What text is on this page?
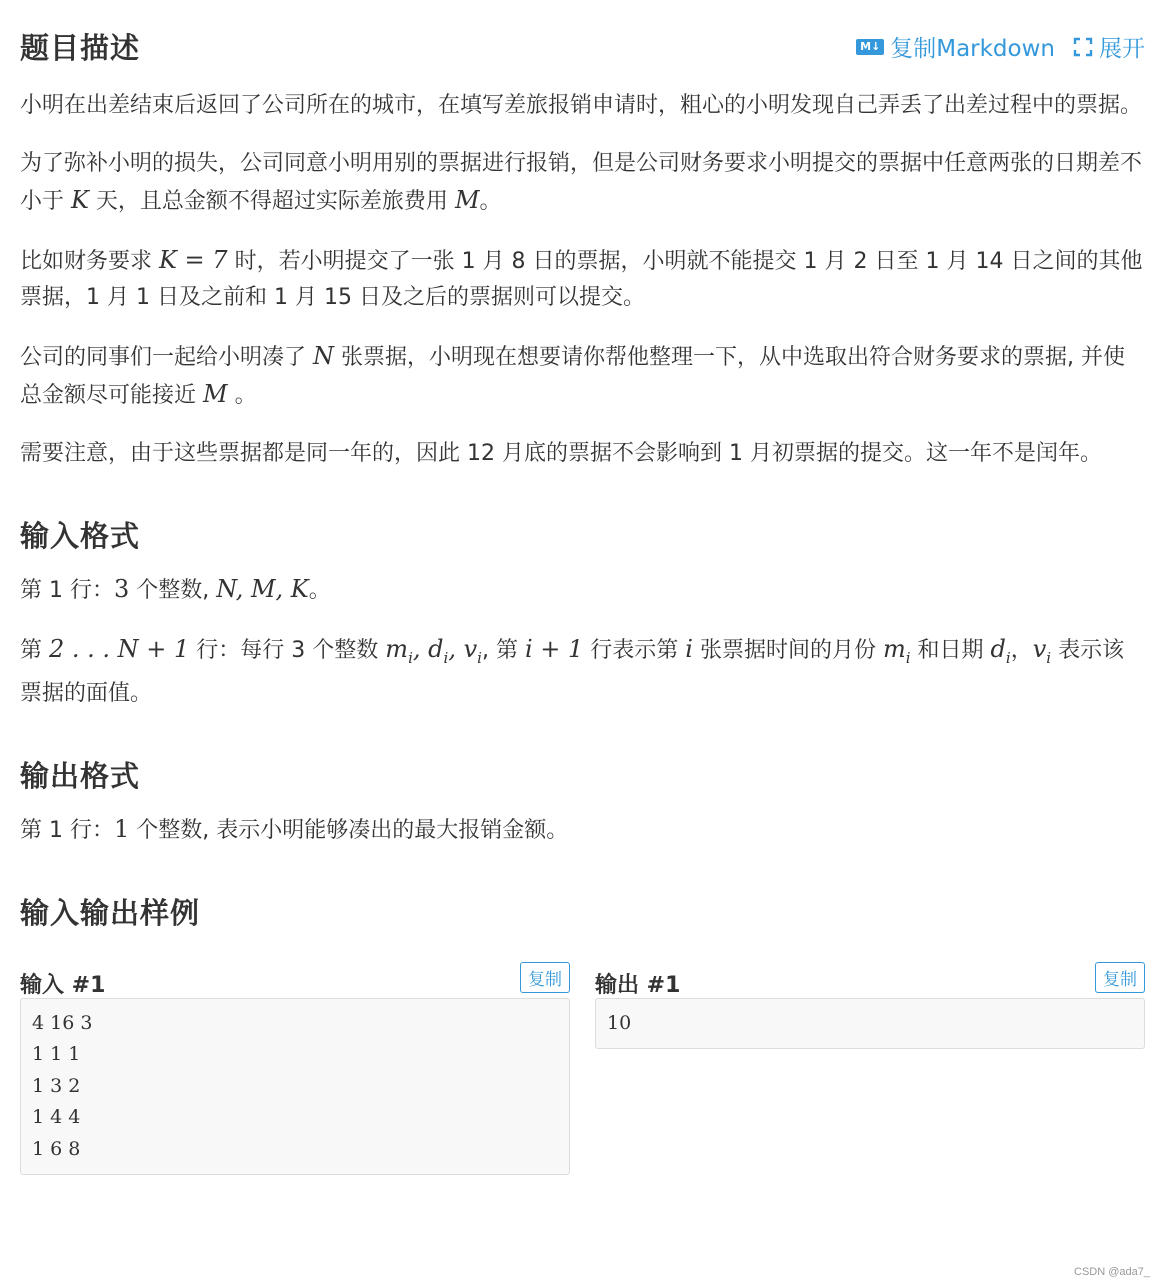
题目描述	M↓ 复制Markdown 展开

小明在出差结束后返回了公司所在的城市，在填写差旅报销申请时，粗心的小明发现自己弄丢了出差过程中的票据。

为了弥补小明的损失，公司同意小明用别的票据进行报销，但是公司财务要求小明提交的票据中任意两张的日期差不小于 K 天，且总金额不得超过实际差旅费用 M。

比如财务要求 K = 7 时，若小明提交了一张 1 月 8 日的票据，小明就不能提交 1 月 2 日至 1 月 14 日之间的其他票据，1 月 1 日及之前和 1 月 15 日及之后的票据则可以提交。

公司的同事们一起给小明凑了 N 张票据，小明现在想要请你帮他整理一下，从中选取出符合财务要求的票据, 并使总金额尽可能接近 M 。

需要注意，由于这些票据都是同一年的，因此 12 月底的票据不会影响到 1 月初票据的提交。这一年不是闰年。

输入格式

第 1 行：3 个整数, N, M, K。

第 2 . . . N + 1 行：每行 3 个整数 $m_i$, $d_i$, $v_i$, 第 i + 1 行表示第 i 张票据时间的月份 $m_i$ 和日期 $d_i$，$v_i$ 表示该票据的面值。

输出格式

第 1 行：1 个整数, 表示小明能够凑出的最大报销金额。

输入输出样例
输入 #1	复制
4 16 3
1 1 1
1 3 2
1 4 4
1 6 8
输出 #1	复制
10
CSDN @ada7_
